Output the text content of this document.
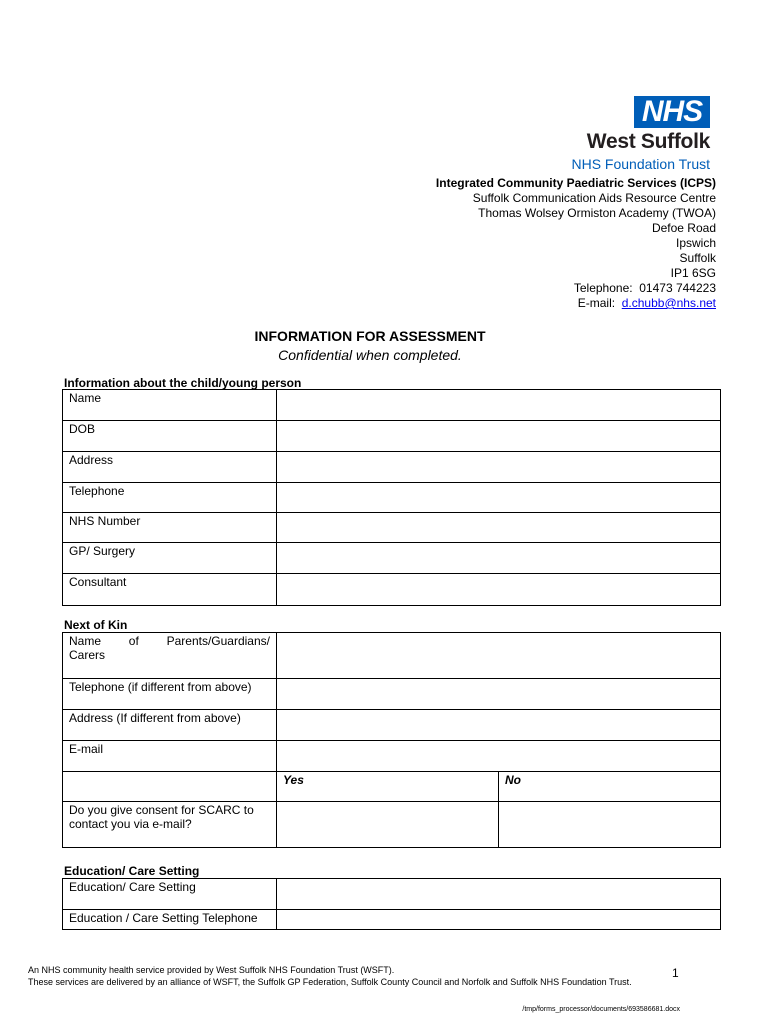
NHS
West Suffolk
NHS Foundation Trust
Integrated Community Paediatric Services (ICPS)
Suffolk Communication Aids Resource Centre
Thomas Wolsey Ormiston Academy (TWOA)
Defoe Road
Ipswich
Suffolk
IP1 6SG
Telephone: 01473 744223
E-mail: d.chubb@nhs.net
INFORMATION FOR ASSESSMENT
Confidential when completed.
Information about the child/young person
Name	
DOB	
Address	
Telephone	
NHS Number	
GP/ Surgery	
Consultant	
Next of Kin
Name of Parents/Guardians/
Carers		

Telephone (if different from above)		
Address (If different from above)		
E-mail		
	Yes	No
Do you give consent for SCARC to contact you via e-mail?		
Education/ Care Setting
Education/ Care Setting	
Education / Care Setting Telephone	
An NHS community health service provided by West Suffolk NHS Foundation Trust (WSFT).
These services are delivered by an alliance of WSFT, the Suffolk GP Federation, Suffolk County Council and Norfolk and Suffolk NHS Foundation Trust.
1
/tmp/forms_processor/documents/693586681.docx
